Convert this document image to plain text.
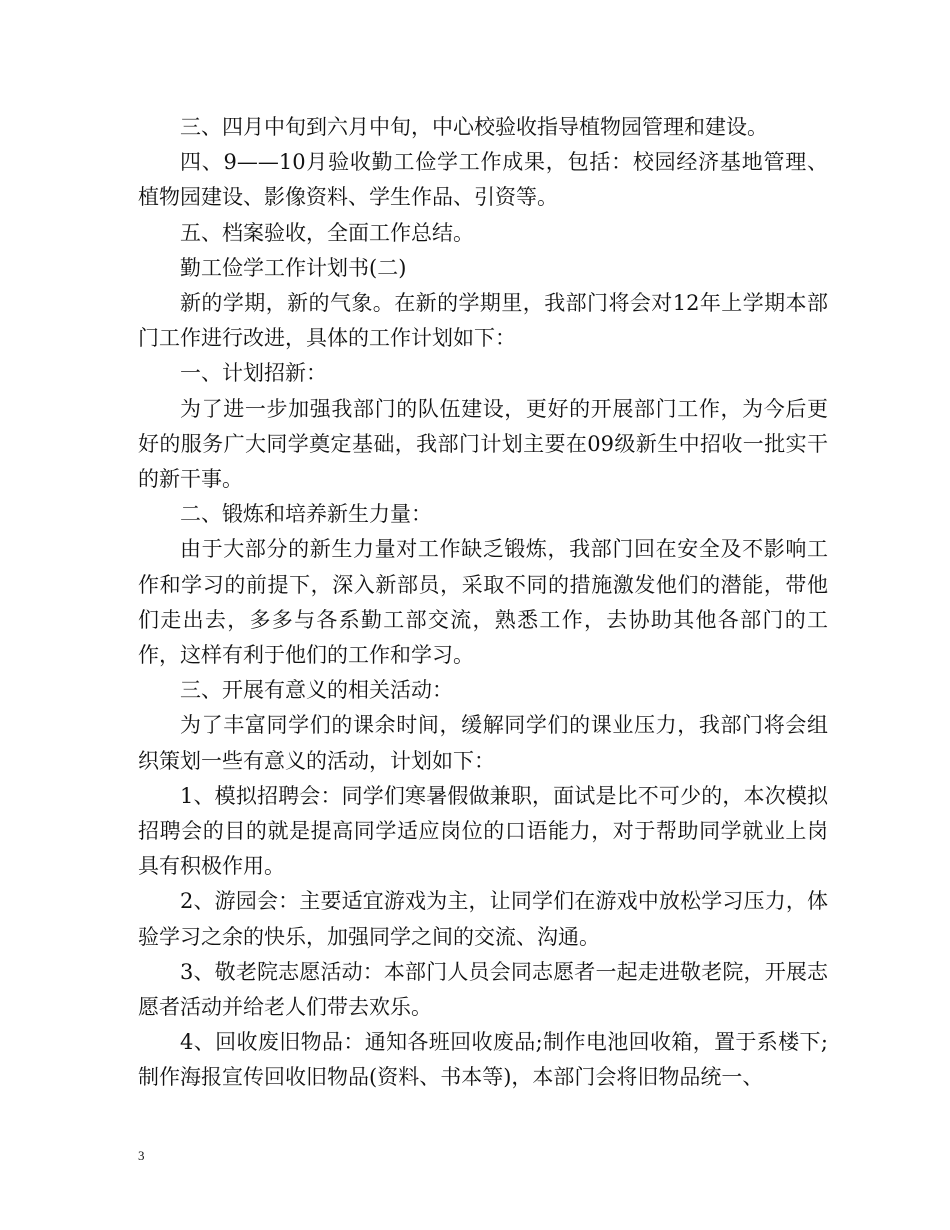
三、四月中旬到六月中旬，中心校验收指导植物园管理和建设。

四、9——10月验收勤工俭学工作成果，包括：校园经济基地管理、植物园建设、影像资料、学生作品、引资等。

五、档案验收，全面工作总结。

勤工俭学工作计划书(二)

新的学期，新的气象。在新的学期里，我部门将会对12年上学期本部门工作进行改进，具体的工作计划如下：

一、计划招新：

为了进一步加强我部门的队伍建设，更好的开展部门工作，为今后更好的服务广大同学奠定基础，我部门计划主要在09级新生中招收一批实干的新干事。

二、锻炼和培养新生力量：

由于大部分的新生力量对工作缺乏锻炼，我部门回在安全及不影响工作和学习的前提下，深入新部员，采取不同的措施激发他们的潜能，带他们走出去，多多与各系勤工部交流，熟悉工作，去协助其他各部门的工作，这样有利于他们的工作和学习。

三、开展有意义的相关活动：

为了丰富同学们的课余时间，缓解同学们的课业压力，我部门将会组织策划一些有意义的活动，计划如下：

1、模拟招聘会：同学们寒暑假做兼职，面试是比不可少的，本次模拟招聘会的目的就是提高同学适应岗位的口语能力，对于帮助同学就业上岗具有积极作用。

2、游园会：主要适宜游戏为主，让同学们在游戏中放松学习压力，体验学习之余的快乐，加强同学之间的交流、沟通。

3、敬老院志愿活动：本部门人员会同志愿者一起走进敬老院，开展志愿者活动并给老人们带去欢乐。

4、回收废旧物品：通知各班回收废品;制作电池回收箱，置于系楼下;制作海报宣传回收旧物品(资料、书本等)，本部门会将旧物品统一、

3
